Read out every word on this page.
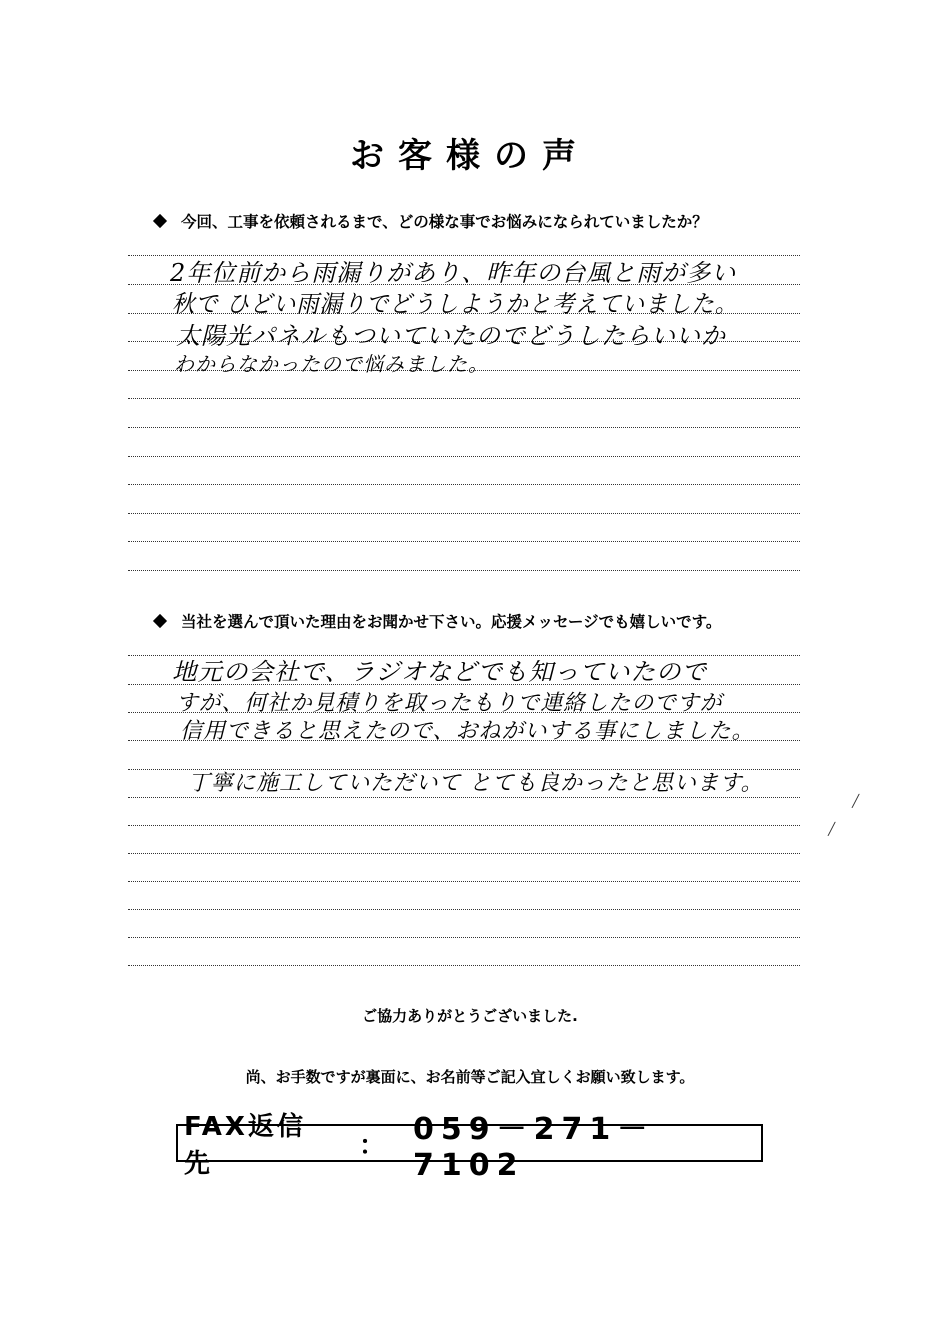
お客様の声
今回、工事を依頼されるまで、どの様な事でお悩みになられていましたか？
2年位前から雨漏りがあり、昨年の台風と雨が多い
秋で ひどい雨漏りでどうしようかと考えていました。
太陽光パネルもついていたのでどうしたらいいか
わからなかったので悩みました。
当社を選んで頂いた理由をお聞かせ下さい。応援メッセージでも嬉しいです。
地元の会社で、ラジオなどでも知っていたので
すが、何社か見積りを取ったもりで連絡したのですが
信用できると思えたので、おねがいする事にしました。
丁寧に施工していただいて とても良かったと思います。
╱
╱
ご協力ありがとうございました.
尚、お手数ですが裏面に、お名前等ご記入宜しくお願い致します。
FAX返信先
： 059－271－7102
